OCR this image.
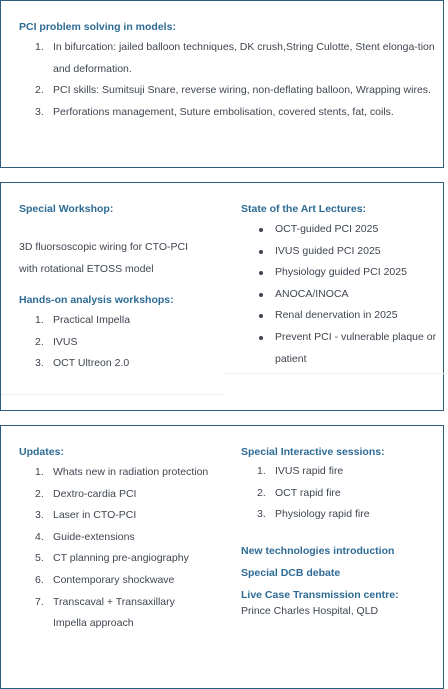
PCI problem solving in models:

1. In bifurcation: jailed balloon techniques, DK crush,String Culotte, Stent elonga-tion and deformation.
2. PCI skills: Sumitsuji Snare, reverse wiring, non-deflating balloon, Wrapping wires.
3. Perforations management, Suture embolisation, covered stents, fat, coils.

Special Workshop:

3D fluorsoscopic wiring for CTO-PCI with rotational ETOSS model

Hands-on analysis workshops:

1. Practical Impella
2. IVUS
3. OCT Ultreon 2.0

State of the Art Lectures:

OCT-guided PCI 2025
IVUS guided PCI 2025
Physiology guided PCI 2025
ANOCA/INOCA
Renal denervation in 2025
Prevent PCI - vulnerable plaque or patient

Updates:

1. Whats new in radiation protection
2. Dextro-cardia PCI
3. Laser in CTO-PCI
4. Guide-extensions
5. CT planning pre-angiography
6. Contemporary shockwave
7. Transcaval + Transaxillary Impella approach

Special Interactive sessions:

1. IVUS rapid fire
2. OCT rapid fire
3. Physiology rapid fire

New technologies introduction

Special DCB debate

Live Case Transmission centre:

Prince Charles Hospital, QLD
